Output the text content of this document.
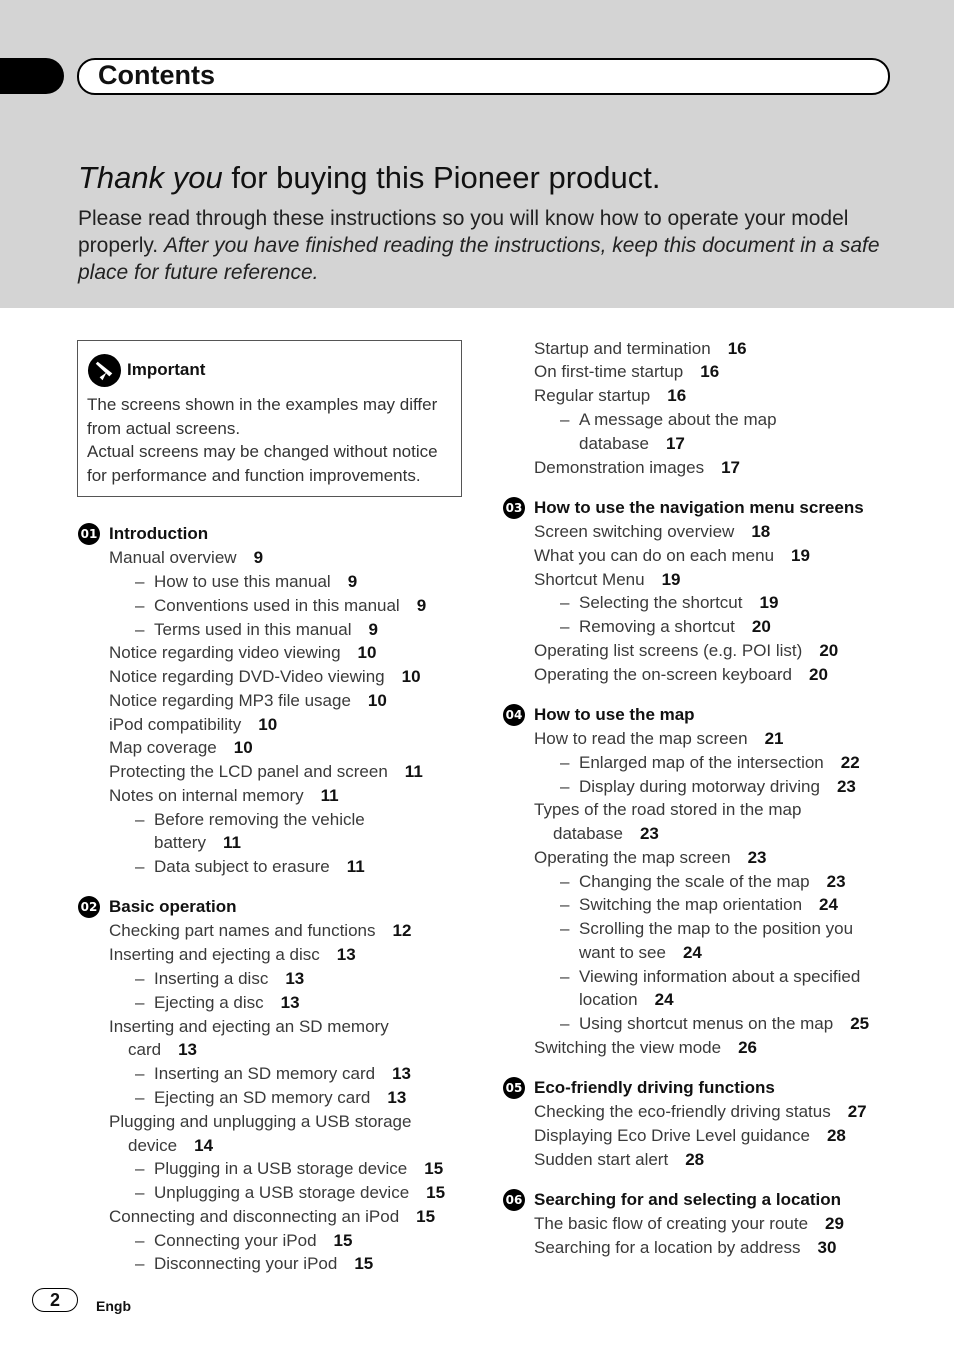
Contents
Thank you for buying this Pioneer product.
Please read through these instructions so you will know how to operate your model properly. After you have finished reading the instructions, keep this document in a safe place for future reference.
Important
The screens shown in the examples may differ
from actual screens.
Actual screens may be changed without notice
for performance and function improvements.
01 Introduction
Manual overview 9
– How to use this manual 9
– Conventions used in this manual 9
– Terms used in this manual 9
Notice regarding video viewing 10
Notice regarding DVD-Video viewing 10
Notice regarding MP3 file usage 10
iPod compatibility 10
Map coverage 10
Protecting the LCD panel and screen 11
Notes on internal memory 11
– Before removing the vehicle
battery 11
– Data subject to erasure 11
02 Basic operation
Checking part names and functions 12
Inserting and ejecting a disc 13
– Inserting a disc 13
– Ejecting a disc 13
Inserting and ejecting an SD memory
card 13
– Inserting an SD memory card 13
– Ejecting an SD memory card 13
Plugging and unplugging a USB storage
device 14
– Plugging in a USB storage device 15
– Unplugging a USB storage device 15
Connecting and disconnecting an iPod 15
– Connecting your iPod 15
– Disconnecting your iPod 15
Startup and termination 16
On first-time startup 16
Regular startup 16
– A message about the map
database 17
Demonstration images 17
03 How to use the navigation menu screens
Screen switching overview 18
What you can do on each menu 19
Shortcut Menu 19
– Selecting the shortcut 19
– Removing a shortcut 20
Operating list screens (e.g. POI list) 20
Operating the on-screen keyboard 20
04 How to use the map
How to read the map screen 21
– Enlarged map of the intersection 22
– Display during motorway driving 23
Types of the road stored in the map
database 23
Operating the map screen 23
– Changing the scale of the map 23
– Switching the map orientation 24
– Scrolling the map to the position you
want to see 24
– Viewing information about a specified
location 24
– Using shortcut menus on the map 25
Switching the view mode 26
05 Eco-friendly driving functions
Checking the eco-friendly driving status 27
Displaying Eco Drive Level guidance 28
Sudden start alert 28
06 Searching for and selecting a location
The basic flow of creating your route 29
Searching for a location by address 30
2	Engb
